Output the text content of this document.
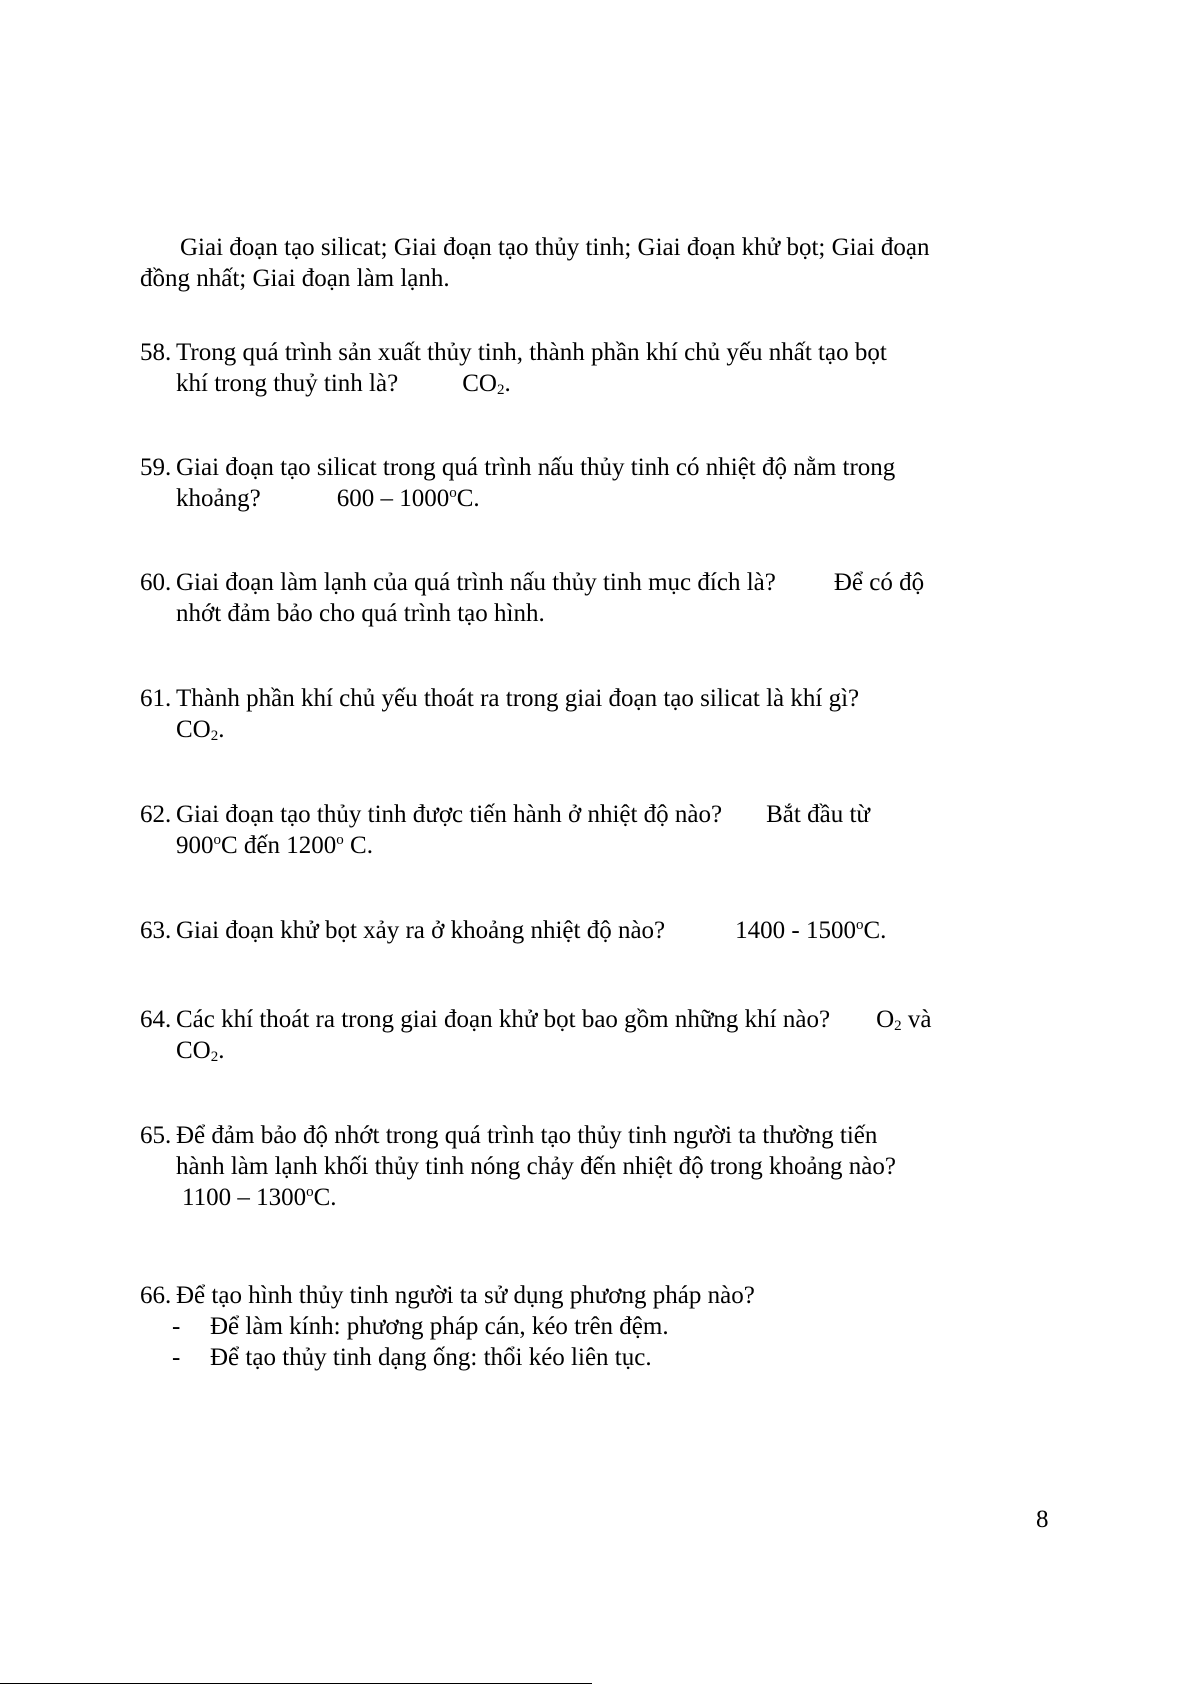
Giai đoạn tạo silicat; Giai đoạn tạo thủy tinh; Giai đoạn khử bọt; Giai đoạn
đồng nhất; Giai đoạn làm lạnh.

58. Trong quá trình sản xuất thủy tinh, thành phần khí chủ yếu nhất tạo bọt
khí trong thuỷ tinh là?	$CO_2$.
59. Giai đoạn tạo silicat trong quá trình nấu thủy tinh có nhiệt độ nằm trong
khoảng?	600 – 1000$^o$C.
60. Giai đoạn làm lạnh của quá trình nấu thủy tinh mục đích là? Để có độ
nhớt đảm bảo cho quá trình tạo hình.
61. Thành phần khí chủ yếu thoát ra trong giai đoạn tạo silicat là khí gì?
$CO_2$.
62. Giai đoạn tạo thủy tinh được tiến hành ở nhiệt độ nào? Bắt đầu từ
900$^o$C đến 1200$^o$ C.
63. Giai đoạn khử bọt xảy ra ở khoảng nhiệt độ nào?	1400 - 1500$^o$C.
64. Các khí thoát ra trong giai đoạn khử bọt bao gồm những khí nào? $O_2$ và
$CO_2$.
65. Để đảm bảo độ nhớt trong quá trình tạo thủy tinh người ta thường tiến
hành làm lạnh khối thủy tinh nóng chảy đến nhiệt độ trong khoảng nào?

1100 – 1300$^o$C.

66. Để tạo hình thủy tinh người ta sử dụng phương pháp nào?
- Để làm kính: phương pháp cán, kéo trên đệm.
- Để tạo thủy tinh dạng ống: thổi kéo liên tục.

8
